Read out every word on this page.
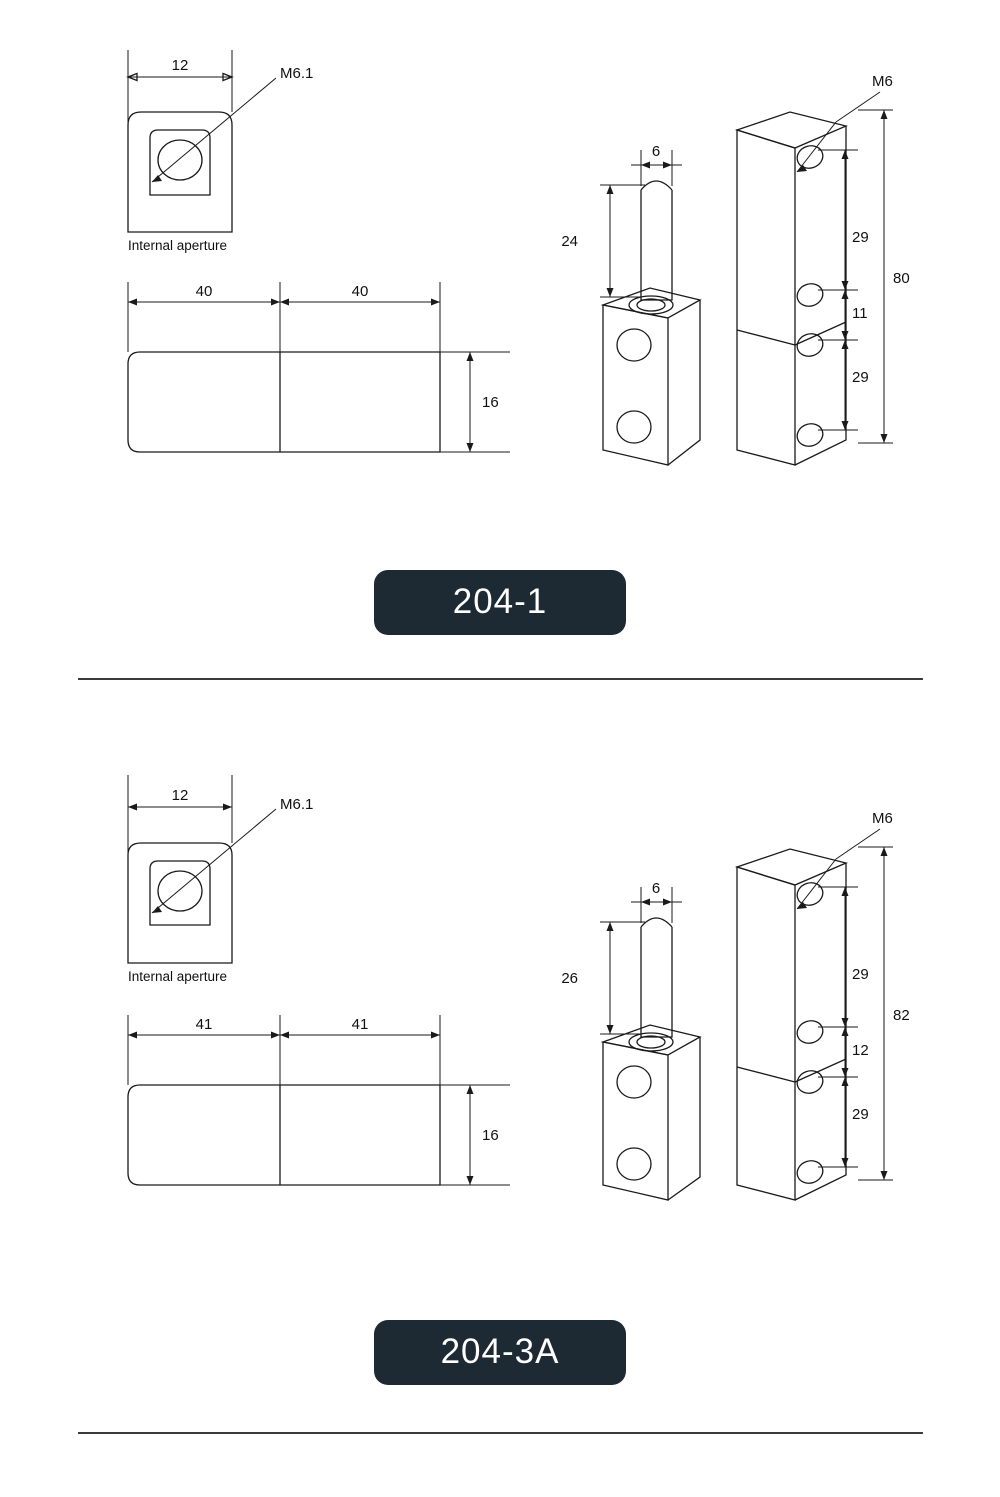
12	M6.1
Internal aperture
40	40
16
6
24
M6
29
11
29
80
204-1
12
M6.1
Internal aperture
41	41
16
6
26
M6
29
12
29
82
204-3A
